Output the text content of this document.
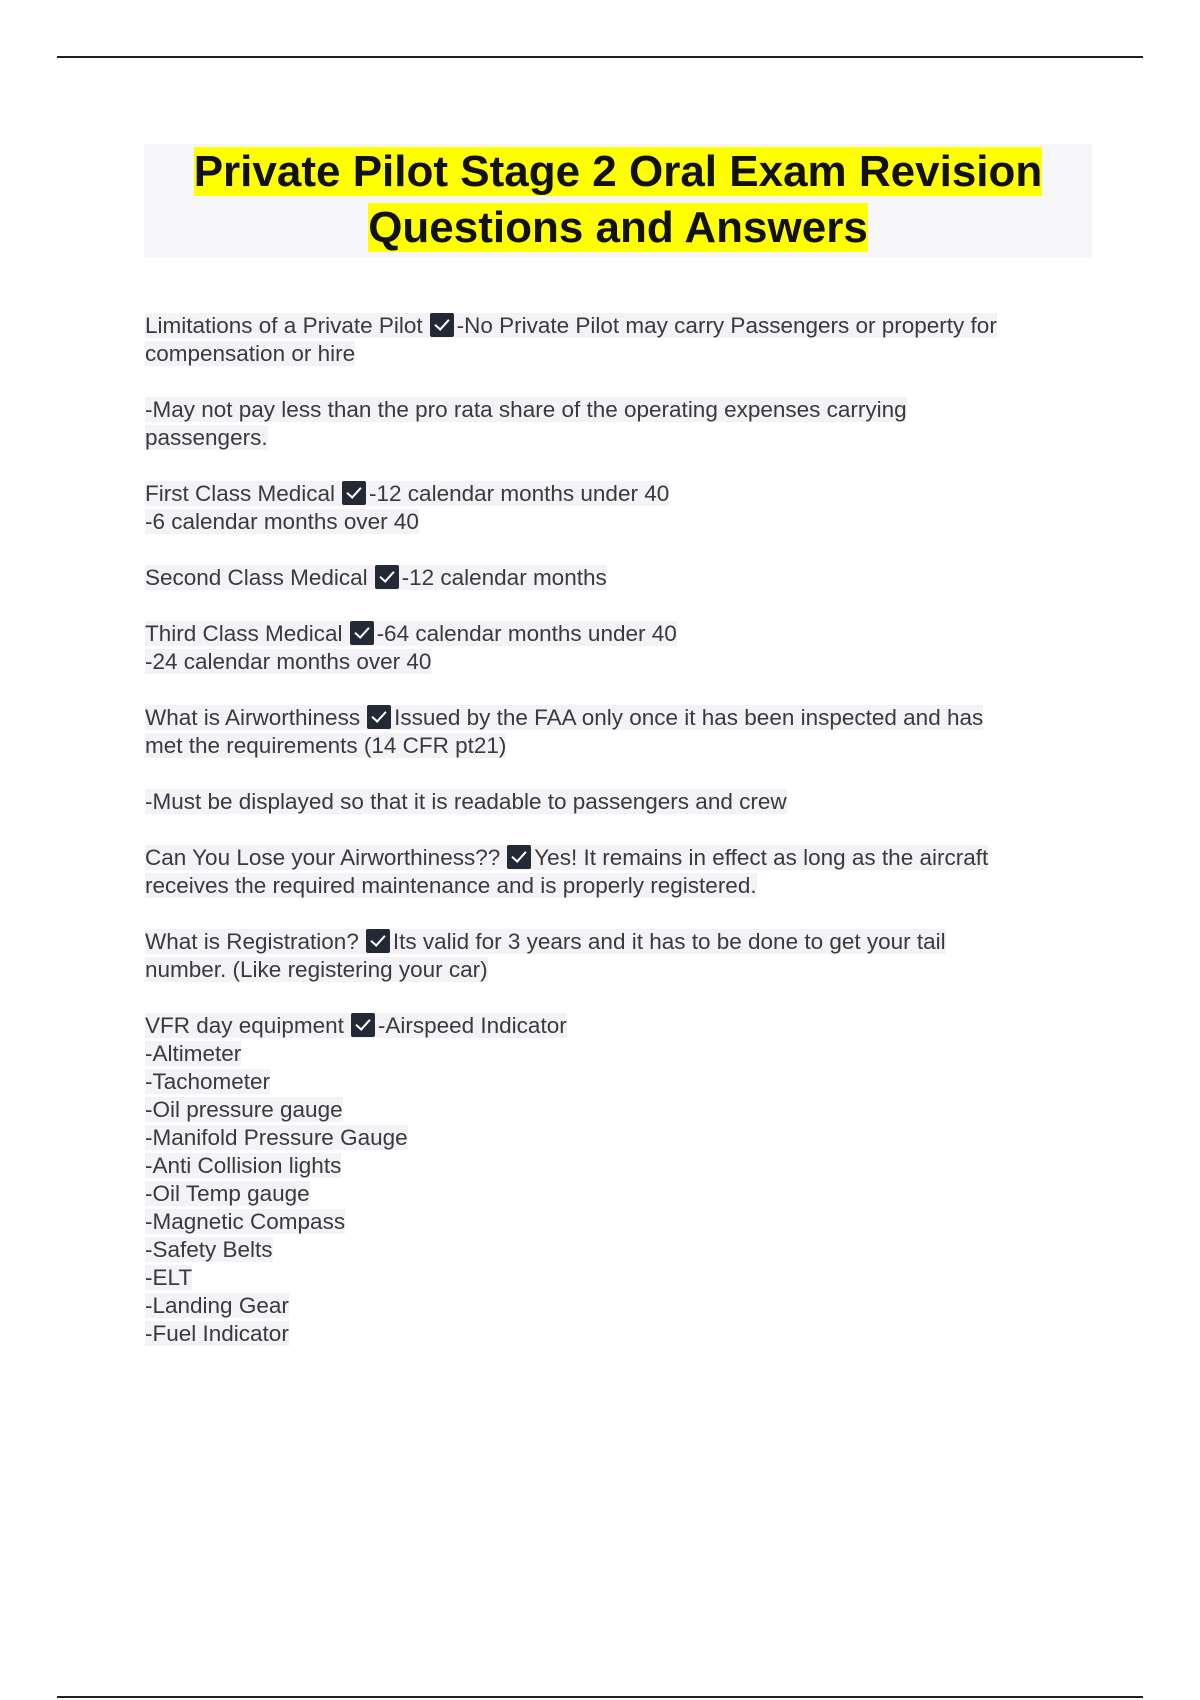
Private Pilot Stage 2 Oral Exam Revision
Questions and Answers
Limitations of a Private Pilot -No Private Pilot may carry Passengers or property for
compensation or hire
-May not pay less than the pro rata share of the operating expenses carrying
passengers.
First Class Medical -12 calendar months under 40
-6 calendar months over 40
Second Class Medical -12 calendar months
Third Class Medical -64 calendar months under 40
-24 calendar months over 40
What is Airworthiness Issued by the FAA only once it has been inspected and has
met the requirements (14 CFR pt21)
-Must be displayed so that it is readable to passengers and crew
Can You Lose your Airworthiness?? Yes! It remains in effect as long as the aircraft
receives the required maintenance and is properly registered.
What is Registration? Its valid for 3 years and it has to be done to get your tail
number. (Like registering your car)
VFR day equipment -Airspeed Indicator
-Altimeter
-Tachometer
-Oil pressure gauge
-Manifold Pressure Gauge
-Anti Collision lights
-Oil Temp gauge
-Magnetic Compass
-Safety Belts
-ELT
-Landing Gear
-Fuel Indicator
